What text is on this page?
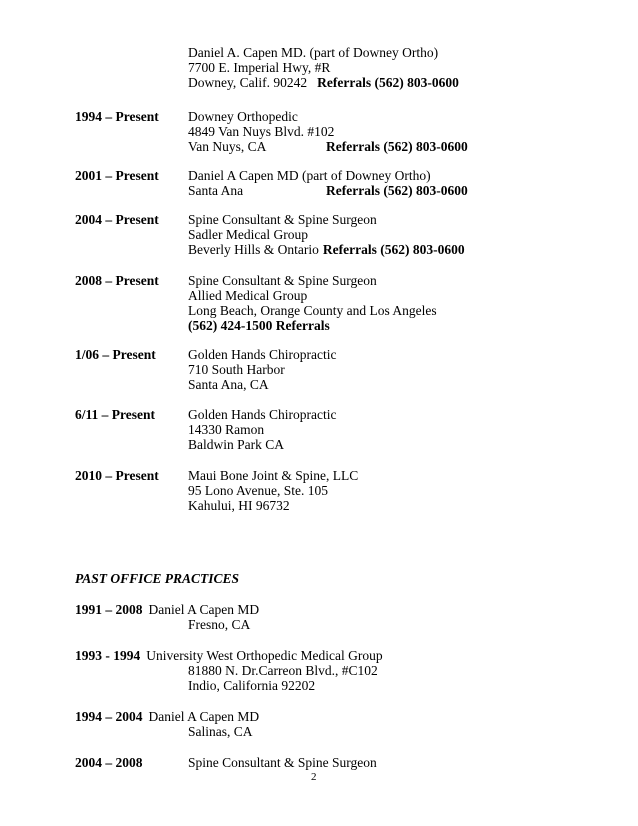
Daniel A. Capen MD. (part of Downey Ortho)
7700 E. Imperial Hwy, #R
Downey, Calif. 90242 Referrals (562) 803-0600
1994 – Present Downey Orthopedic
4849 Van Nuys Blvd. #102
Van Nuys, CA	Referrals (562) 803-0600
2001 – Present Daniel A Capen MD (part of Downey Ortho)
Santa Ana	Referrals (562) 803-0600
2004 – Present Spine Consultant & Spine Surgeon
Sadler Medical Group
Beverly Hills & Ontario Referrals (562) 803-0600
2008 – Present Spine Consultant & Spine Surgeon
Allied Medical Group
Long Beach, Orange County and Los Angeles
(562) 424-1500 Referrals
1/06 – Present Golden Hands Chiropractic
710 South Harbor
Santa Ana, CA
6/11 – Present Golden Hands Chiropractic
14330 Ramon
Baldwin Park CA
2010 – Present Maui Bone Joint & Spine, LLC
95 Lono Avenue, Ste. 105
Kahului, HI 96732
PAST OFFICE PRACTICES
1991 – 2008 Daniel A Capen MD
Fresno, CA
1993 - 1994 University West Orthopedic Medical Group
81880 N. Dr.Carreon Blvd., #C102
Indio, California 92202
1994 – 2004 Daniel A Capen MD
Salinas, CA
2004 – 2008	Spine Consultant & Spine Surgeon
2
